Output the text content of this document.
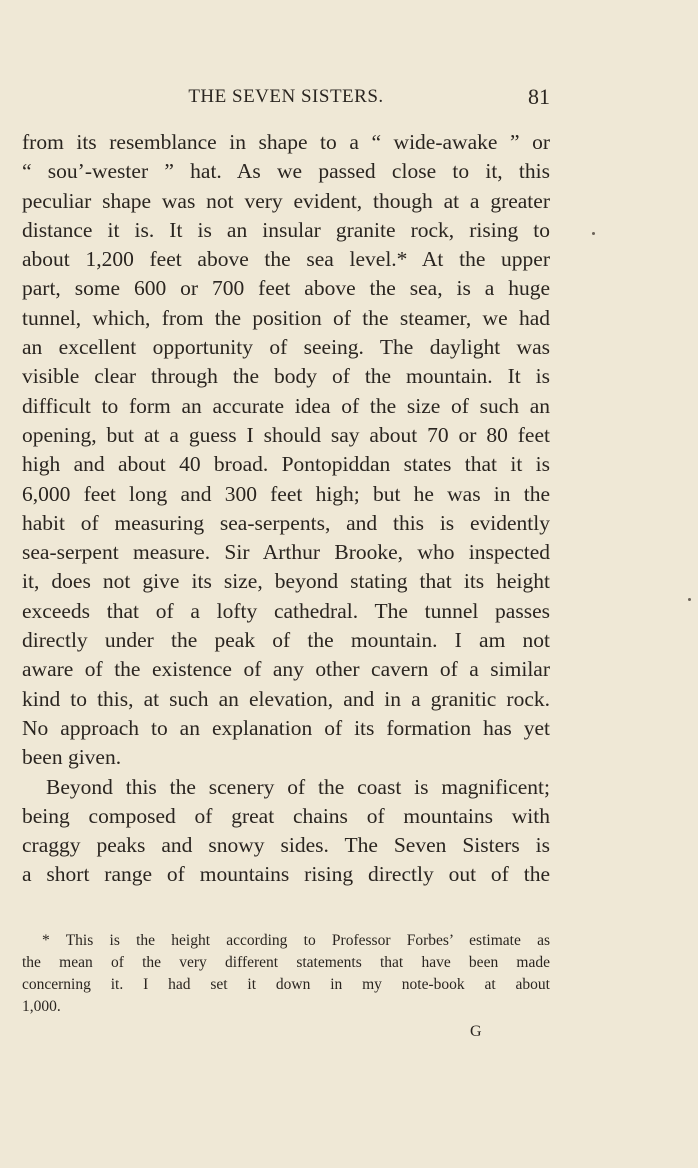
THE SEVEN SISTERS.	81
from its resemblance in shape to a “ wide-awake ” or
“ sou’-wester ” hat. As we passed close to it, this
peculiar shape was not very evident, though at a greater
distance it is. It is an insular granite rock, rising to
about 1,200 feet above the sea level.* At the upper
part, some 600 or 700 feet above the sea, is a huge
tunnel, which, from the position of the steamer, we had
an excellent opportunity of seeing. The daylight was
visible clear through the body of the mountain. It is
difficult to form an accurate idea of the size of such an
opening, but at a guess I should say about 70 or 80 feet
high and about 40 broad. Pontopiddan states that it is
6,000 feet long and 300 feet high; but he was in the
habit of measuring sea-serpents, and this is evidently
sea-serpent measure. Sir Arthur Brooke, who inspected
it, does not give its size, beyond stating that its height
exceeds that of a lofty cathedral. The tunnel passes
directly under the peak of the mountain. I am not
aware of the existence of any other cavern of a similar
kind to this, at such an elevation, and in a granitic rock.
No approach to an explanation of its formation has yet
been given.
Beyond this the scenery of the coast is magnificent;
being composed of great chains of mountains with
craggy peaks and snowy sides. The Seven Sisters is
a short range of mountains rising directly out of the
* This is the height according to Professor Forbes’ estimate as
the mean of the very different statements that have been made
concerning it. I had set it down in my note-book at about
1,000.
G
